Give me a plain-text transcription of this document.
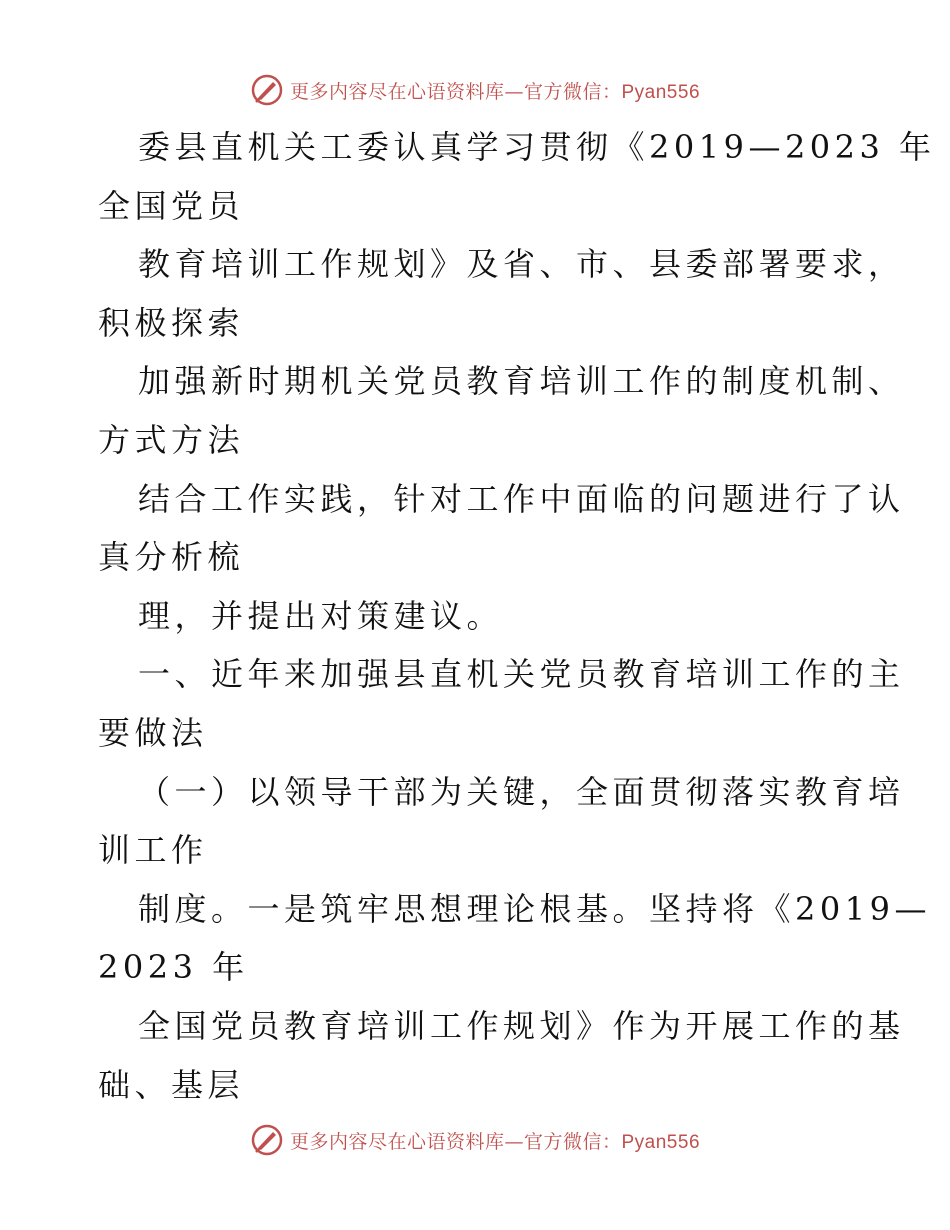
更多内容尽在心语资料库—官方微信：Pyan556

委县直机关工委认真学习贯彻《2019—2023 年

全国党员

教育培训工作规划》及省、市、县委部署要求，

积极探索

加强新时期机关党员教育培训工作的制度机制、

方式方法

结合工作实践，针对工作中面临的问题进行了认

真分析梳

理，并提出对策建议。

一、近年来加强县直机关党员教育培训工作的主

要做法

（一）以领导干部为关键，全面贯彻落实教育培

训工作

制度。一是筑牢思想理论根基。坚持将《2019—

2023 年

全国党员教育培训工作规划》作为开展工作的基

础、基层

更多内容尽在心语资料库—官方微信：Pyan556
